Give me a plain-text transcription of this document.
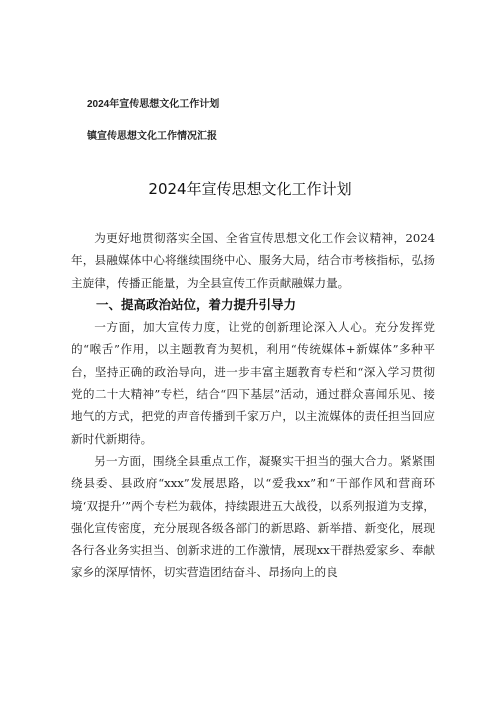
2024年宣传思想文化工作计划
镇宣传思想文化工作情况汇报
2024年宣传思想文化工作计划

为更好地贯彻落实全国、全省宣传思想文化工作会议精神，2024年，县融媒体中心将继续围绕中心、服务大局，结合市考核指标，弘扬主旋律，传播正能量，为全县宣传工作贡献融媒力量。

一、提高政治站位，着力提升引导力

一方面，加大宣传力度，让党的创新理论深入人心。充分发挥党的“喉舌”作用，以主题教育为契机，利用“传统媒体+新媒体”多种平台，坚持正确的政治导向，进一步丰富主题教育专栏和“深入学习贯彻党的二十大精神”专栏，结合“四下基层”活动，通过群众喜闻乐见、接地气的方式，把党的声音传播到千家万户，以主流媒体的责任担当回应新时代新期待。

另一方面，围绕全县重点工作，凝聚实干担当的强大合力。紧紧围绕县委、县政府“xxx”发展思路，以“爱我xx”和“干部作风和营商环境‘双提升’”两个专栏为载体，持续跟进五大战役，以系列报道为支撑，强化宣传密度，充分展现各级各部门的新思路、新举措、新变化，展现各行各业务实担当、创新求进的工作激情，展现xx干群热爱家乡、奉献家乡的深厚情怀，切实营造团结奋斗、昂扬向上的良
